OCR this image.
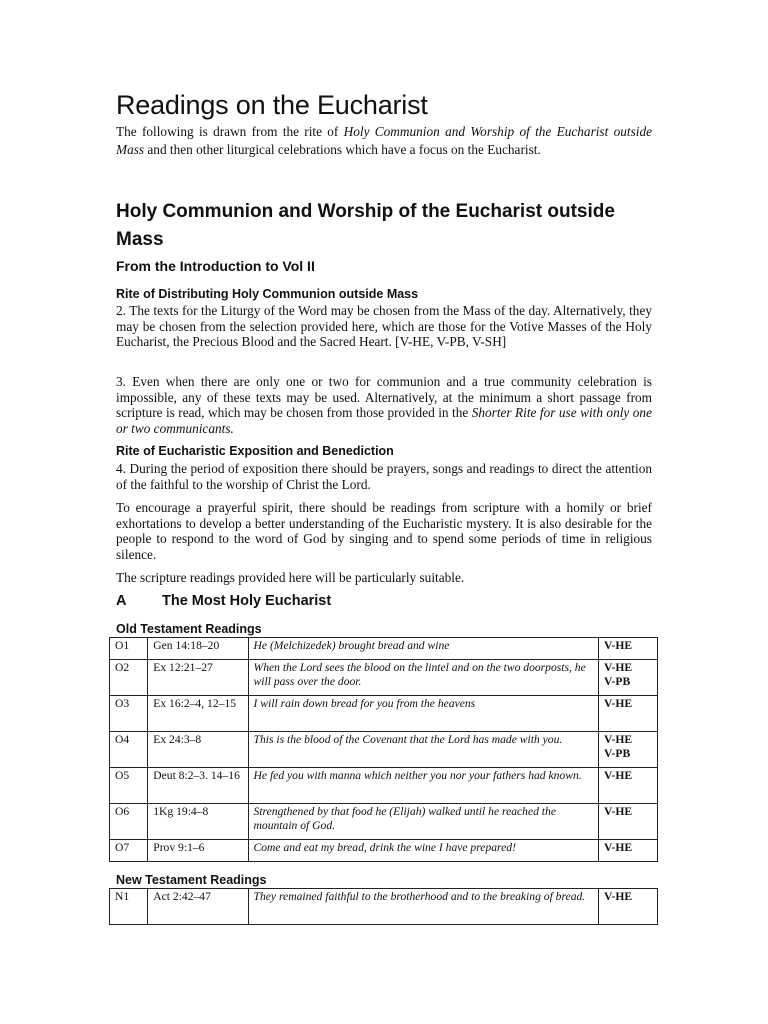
Readings on the Eucharist

The following is drawn from the rite of Holy Communion and Worship of the Eucharist outside Mass and then other liturgical celebrations which have a focus on the Eucharist.

Holy Communion and Worship of the Eucharist outside Mass
From the Introduction to Vol II
Rite of Distributing Holy Communion outside Mass

2. The texts for the Liturgy of the Word may be chosen from the Mass of the day. Alternatively, they may be chosen from the selection provided here, which are those for the Votive Masses of the Holy Eucharist, the Precious Blood and the Sacred Heart. [V-HE, V-PB, V-SH]

3. Even when there are only one or two for communion and a true community celebration is impossible, any of these texts may be used. Alternatively, at the minimum a short passage from scripture is read, which may be chosen from those provided in the Shorter Rite for use with only one or two communicants.

Rite of Eucharistic Exposition and Benediction

4. During the period of exposition there should be prayers, songs and readings to direct the attention of the faithful to the worship of Christ the Lord.

To encourage a prayerful spirit, there should be readings from scripture with a homily or brief exhortations to develop a better understanding of the Eucharistic mystery. It is also desirable for the people to respond to the word of God by singing and to spend some periods of time in religious silence.

The scripture readings provided here will be particularly suitable.

A The Most Holy Eucharist
Old Testament Readings
O1	Gen 14:18–20	He (Melchizedek) brought bread and wine	V-HE
O2	Ex 12:21–27	When the Lord sees the blood on the lintel and on the two doorposts, he will pass over the door.	V-HE
V-PB
O3	Ex 16:2–4, 12–15	I will rain down bread for you from the heavens	V-HE
O4	Ex 24:3–8	This is the blood of the Covenant that the Lord has made with you.	V-HE
V-PB
O5	Deut 8:2–3. 14–16	He fed you with manna which neither you nor your fathers had known.	V-HE
O6	1Kg 19:4–8	Strengthened by that food he (Elijah) walked until he reached the mountain of God.	V-HE
O7	Prov 9:1–6	Come and eat my bread, drink the wine I have prepared!	V-HE
New Testament Readings
N1	Act 2:42–47	They remained faithful to the brotherhood and to the breaking of bread.	V-HE
